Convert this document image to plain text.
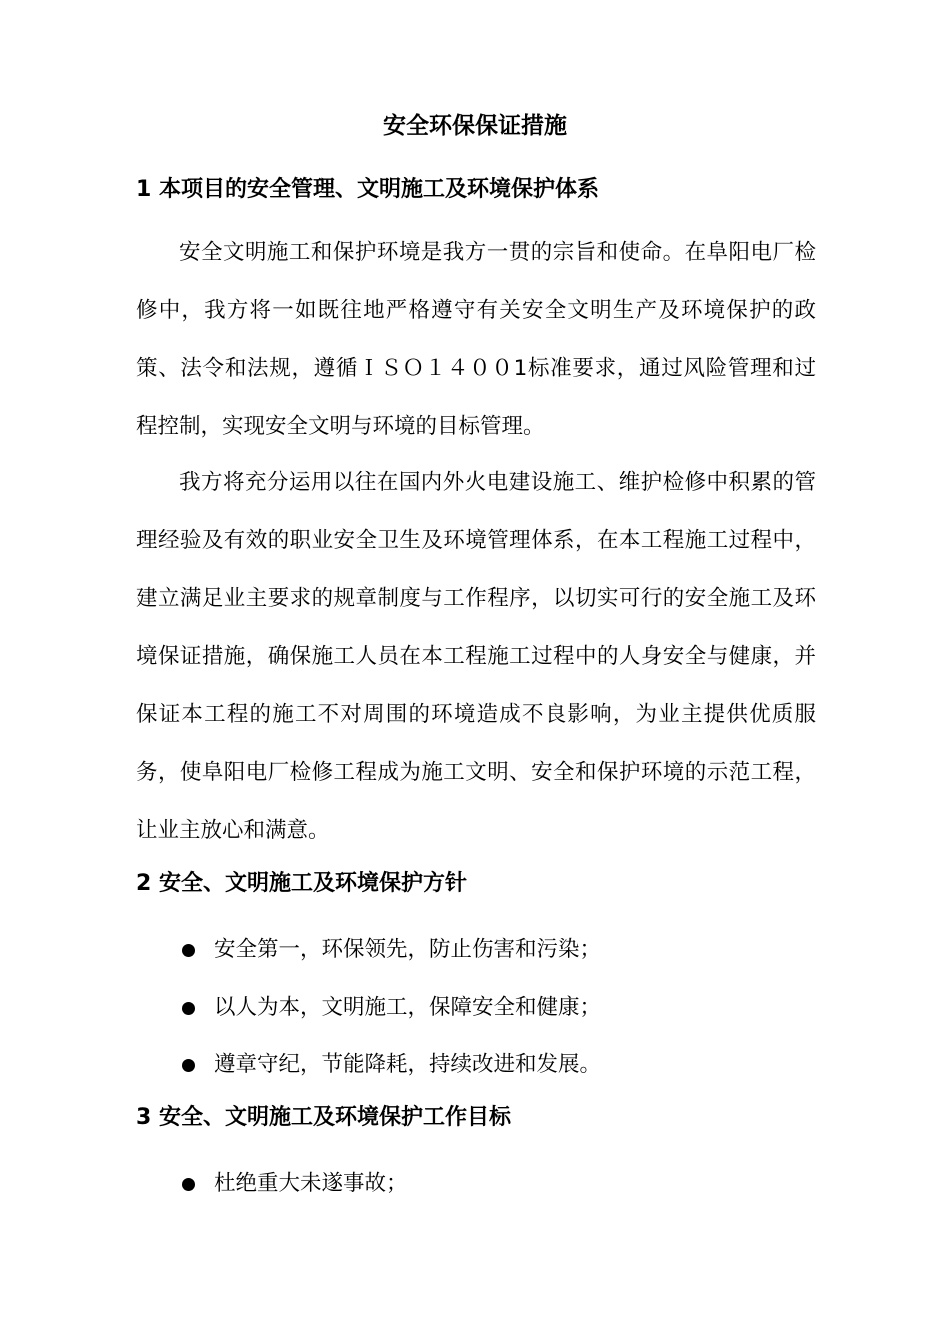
安全环保保证措施
1 本项目的安全管理、文明施工及环境保护体系
安全文明施工和保护环境是我方一贯的宗旨和使命。在阜阳电厂检修中，我方将一如既往地严格遵守有关安全文明生产及环境保护的政策、法令和法规，遵循ＩＳＯ１４００1标准要求，通过风险管理和过程控制，实现安全文明与环境的目标管理。
我方将充分运用以往在国内外火电建设施工、维护检修中积累的管理经验及有效的职业安全卫生及环境管理体系，在本工程施工过程中，建立满足业主要求的规章制度与工作程序，以切实可行的安全施工及环境保证措施，确保施工人员在本工程施工过程中的人身安全与健康，并保证本工程的施工不对周围的环境造成不良影响，为业主提供优质服务，使阜阳电厂检修工程成为施工文明、安全和保护环境的示范工程，让业主放心和满意。
2 安全、文明施工及环境保护方针
安全第一，环保领先，防止伤害和污染；
以人为本，文明施工，保障安全和健康；
遵章守纪，节能降耗，持续改进和发展。
3 安全、文明施工及环境保护工作目标
杜绝重大未遂事故；
